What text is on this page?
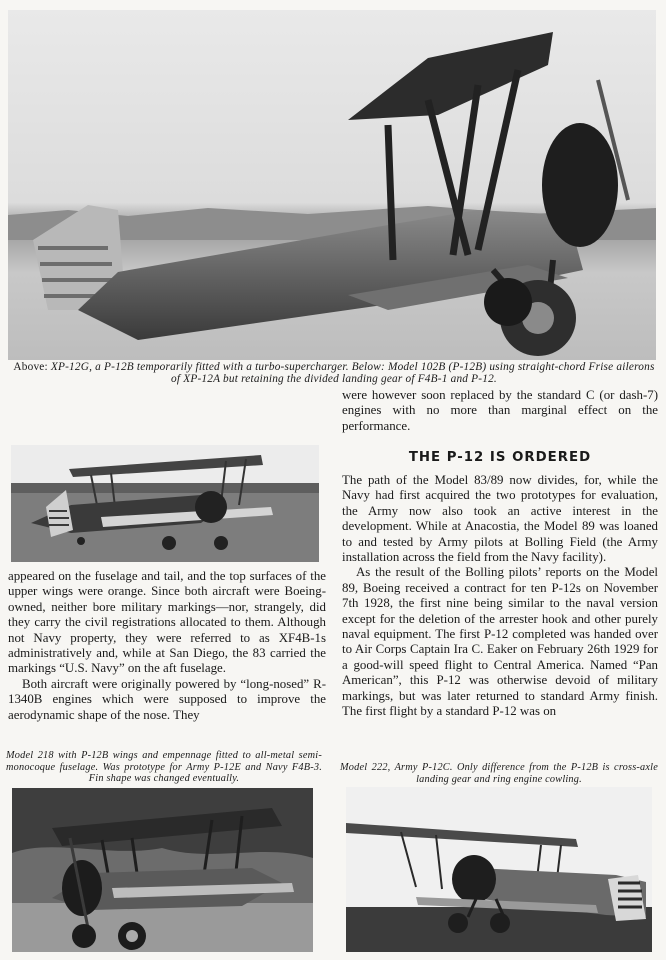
Above: XP-12G, a P-12B temporarily fitted with a turbo-supercharger. Below: Model 102B (P-12B) using straight-chord Frise ailerons of XP-12A but retaining the divided landing gear of F4B-1 and P-12.

appeared on the fuselage and tail, and the top surfaces of the upper wings were orange. Since both aircraft were Boeing-owned, neither bore military markings—nor, strangely, did they carry the civil registrations allocated to them. Although not Navy property, they were referred to as XF4B-1s administratively and, while at San Diego, the 83 carried the markings “U.S. Navy” on the aft fuselage.

Both aircraft were originally powered by “long-nosed” R-1340B engines which were supposed to improve the aerodynamic shape of the nose. They

were however soon replaced by the standard C (or dash-7) engines with no more than marginal effect on the performance.

THE P-12 IS ORDERED

The path of the Model 83/89 now divides, for, while the Navy had first acquired the two prototypes for evaluation, the Army now also took an active interest in the development. While at Anacostia, the Model 89 was loaned to and tested by Army pilots at Bolling Field (the Army installation across the field from the Navy facility).

As the result of the Bolling pilots’ reports on the Model 89, Boeing received a contract for ten P-12s on November 7th 1928, the first nine being similar to the naval version except for the deletion of the arrester hook and other purely naval equipment. The first P-12 completed was handed over to Air Corps Captain Ira C. Eaker on February 26th 1929 for a good-will speed flight to Central America. Named “Pan American”, this P-12 was otherwise devoid of military markings, but was later returned to standard Army finish. The first flight by a standard P-12 was on

Model 218 with P-12B wings and empennage fitted to all-metal semi-monocoque fuselage. Was prototype for Army P-12E and Navy F4B-3. Fin shape was changed eventually.
Model 222, Army P-12C. Only difference from the P-12B is cross-axle landing gear and ring engine cowling.
